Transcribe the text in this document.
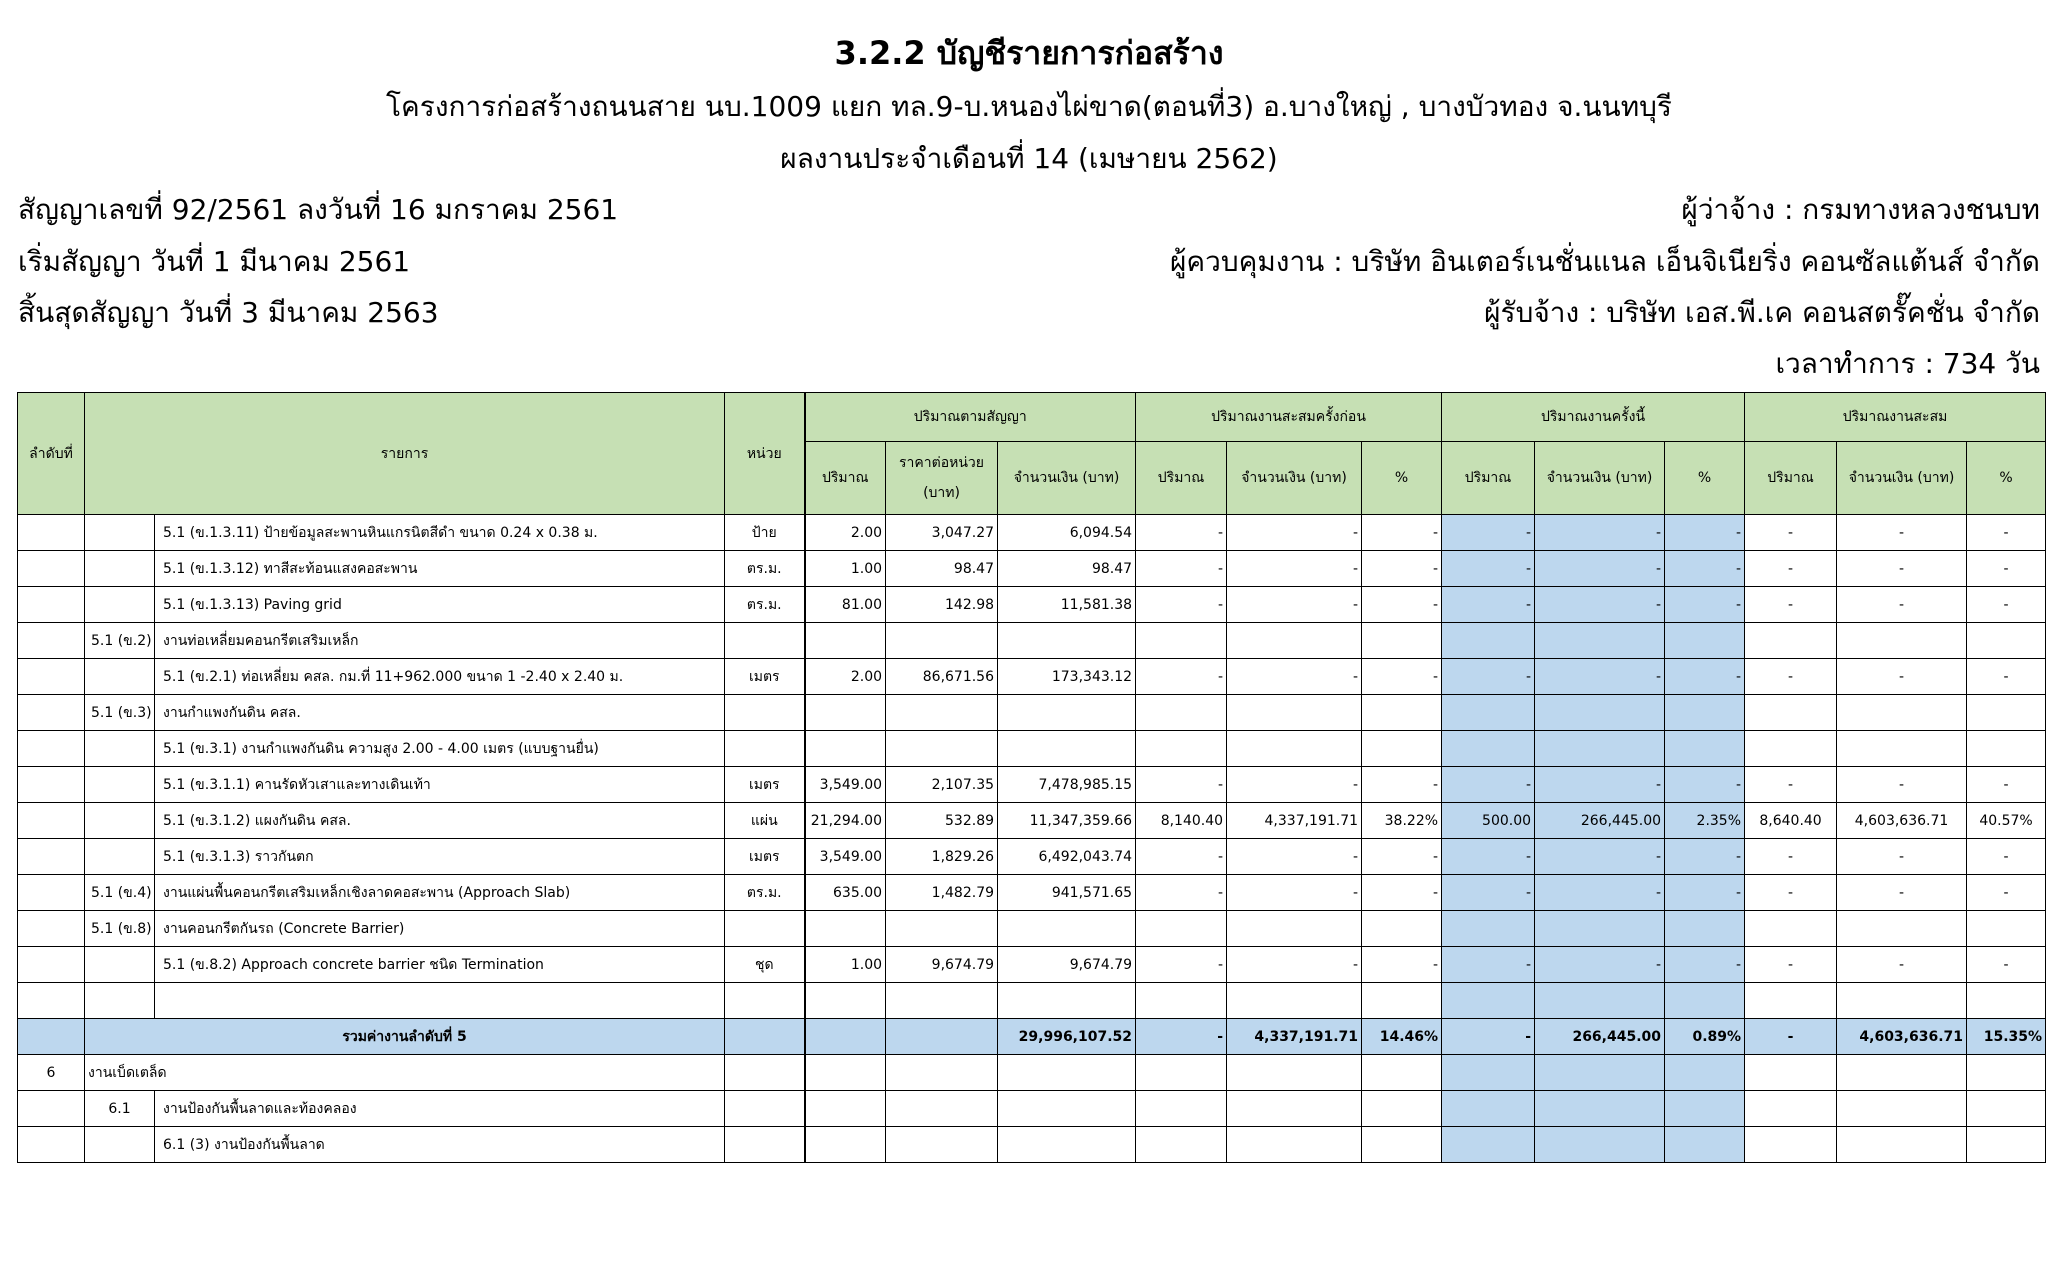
3.2.2 บัญชีรายการก่อสร้าง
โครงการก่อสร้างถนนสาย นบ.1009 แยก ทล.9-บ.หนองไผ่ขาด(ตอนที่3) อ.บางใหญ่ , บางบัวทอง จ.นนทบุรี
ผลงานประจำเดือนที่ 14 (เมษายน 2562)
สัญญาเลขที่ 92/2561 ลงวันที่ 16 มกราคม 2561
เริ่มสัญญา วันที่ 1 มีนาคม 2561
สิ้นสุดสัญญา วันที่ 3 มีนาคม 2563
ผู้ว่าจ้าง : กรมทางหลวงชนบท
ผู้ควบคุมงาน : บริษัท อินเตอร์เนชั่นแนล เอ็นจิเนียริ่ง คอนซัลแต้นส์ จำกัด
ผู้รับจ้าง : บริษัท เอส.พี.เค คอนสตรั๊คชั่น จำกัด
เวลาทำการ : 734 วัน
ลำดับที่	รายการ		หน่วย	ปริมาณตามสัญญา			ปริมาณงานสะสมครั้งก่อน			ปริมาณงานครั้งนี้			ปริมาณงานสะสม		
				ปริมาณ	ราคาต่อหน่วย (บาท)	จำนวนเงิน (บาท)	ปริมาณ	จำนวนเงิน (บาท)	%	ปริมาณ	จำนวนเงิน (บาท)	%	ปริมาณ	จำนวนเงิน (บาท)	%
		5.1 (ข.1.3.11) ป้ายข้อมูลสะพานหินแกรนิตสีดำ ขนาด 0.24 x 0.38 ม.	ป้าย	2.00	3,047.27	6,094.54	-	-	-	-	-	-	-	-	-
		5.1 (ข.1.3.12) ทาสีสะท้อนแสงคอสะพาน	ตร.ม.	1.00	98.47	98.47	-	-	-	-	-	-	-	-	-
		5.1 (ข.1.3.13) Paving grid	ตร.ม.	81.00	142.98	11,581.38	-	-	-	-	-	-	-	-	-
	5.1 (ข.2)	งานท่อเหลี่ยมคอนกรีตเสริมเหล็ก													
		5.1 (ข.2.1) ท่อเหลี่ยม คสล. กม.ที่ 11+962.000 ขนาด 1 -2.40 x 2.40 ม.	เมตร	2.00	86,671.56	173,343.12	-	-	-	-	-	-	-	-	-
	5.1 (ข.3)	งานกำแพงกันดิน คสล.													
		5.1 (ข.3.1) งานกำแพงกันดิน ความสูง 2.00 - 4.00 เมตร (แบบฐานยื่น)													
		5.1 (ข.3.1.1) คานรัดหัวเสาและทางเดินเท้า	เมตร	3,549.00	2,107.35	7,478,985.15	-	-	-	-	-	-	-	-	-
		5.1 (ข.3.1.2) แผงกันดิน คสล.	แผ่น	21,294.00	532.89	11,347,359.66	8,140.40	4,337,191.71	38.22%	500.00	266,445.00	2.35%	8,640.40	4,603,636.71	40.57%
		5.1 (ข.3.1.3) ราวกันตก	เมตร	3,549.00	1,829.26	6,492,043.74	-	-	-	-	-	-	-	-	-
	5.1 (ข.4)	งานแผ่นพื้นคอนกรีตเสริมเหล็กเชิงลาดคอสะพาน (Approach Slab)	ตร.ม.	635.00	1,482.79	941,571.65	-	-	-	-	-	-	-	-	-
	5.1 (ข.8)	งานคอนกรีตกันรถ (Concrete Barrier)													
		5.1 (ข.8.2) Approach concrete barrier ชนิด Termination	ชุด	1.00	9,674.79	9,674.79	-	-	-	-	-	-	-	-	-

	รวมค่างานลำดับที่ 5					29,996,107.52	-	4,337,191.71	14.46%	-	266,445.00	0.89%	-	4,603,636.71	15.35%
6	งานเบ็ดเตล็ด														
	6.1	งานป้องกันพื้นลาดและท้องคลอง													
		6.1 (3) งานป้องกันพื้นลาด													
